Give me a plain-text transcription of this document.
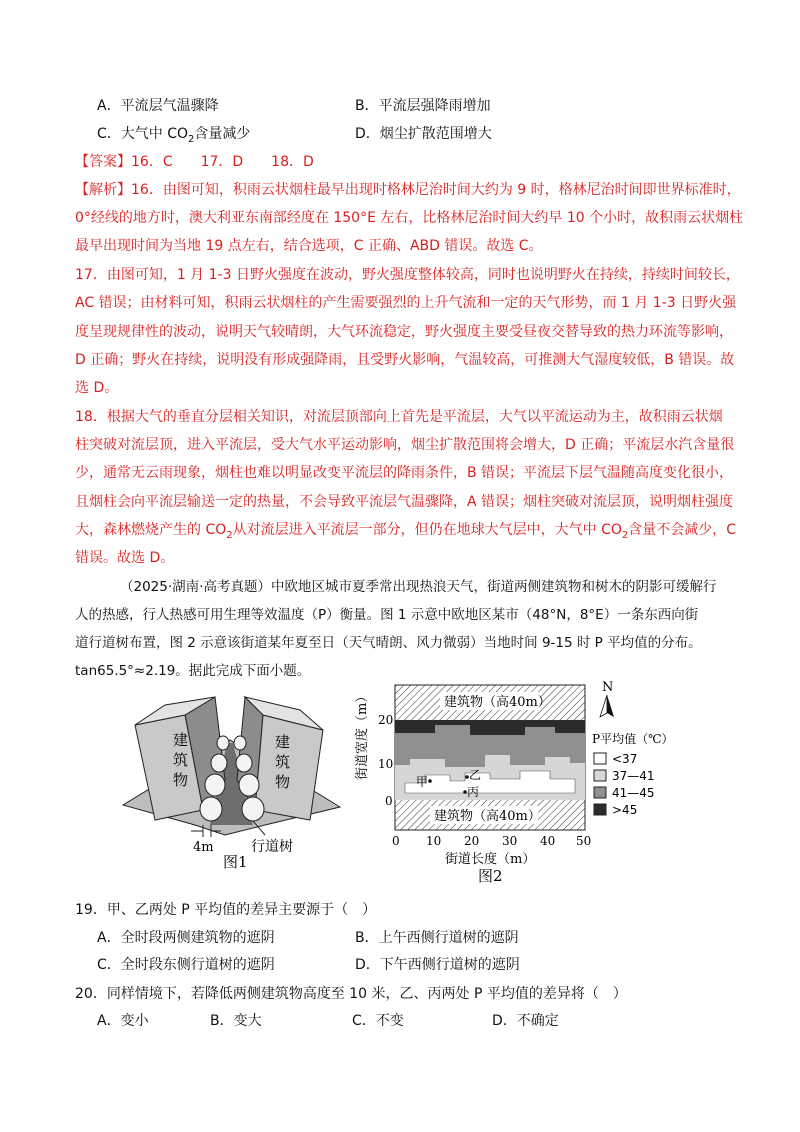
A．平流层气温骤降	B．平流层强降雨增加
C．大气中 $CO_2$含量减少	D．烟尘扩散范围增大
【答案】16．C　　17．D　　18．D
【解析】16．由图可知，积雨云状烟柱最早出现时格林尼治时间大约为 9 时，格林尼治时间即世界标准时，
0°经线的地方时，澳大利亚东南部经度在 150°E 左右，比格林尼治时间大约早 10 个小时，故积雨云状烟柱
最早出现时间为当地 19 点左右，结合选项，C 正确、ABD 错误。故选 C。
17．由图可知，1 月 1-3 日野火强度在波动，野火强度整体较高，同时也说明野火在持续，持续时间较长，
AC 错误；由材料可知，积雨云状烟柱的产生需要强烈的上升气流和一定的天气形势，而 1 月 1-3 日野火强
度呈现规律性的波动，说明天气较晴朗，大气环流稳定，野火强度主要受昼夜交替导致的热力环流等影响，
D 正确；野火在持续，说明没有形成强降雨，且受野火影响，气温较高，可推测大气湿度较低，B 错误。故
选 D。
18．根据大气的垂直分层相关知识，对流层顶部向上首先是平流层，大气以平流运动为主，故积雨云状烟
柱突破对流层顶，进入平流层，受大气水平运动影响，烟尘扩散范围将会增大，D 正确；平流层水汽含量很
少，通常无云雨现象，烟柱也难以明显改变平流层的降雨条件，B 错误；平流层下层气温随高度变化很小，
且烟柱会向平流层输送一定的热量，不会导致平流层气温骤降，A 错误；烟柱突破对流层顶，说明烟柱强度
大，森林燃烧产生的 $CO_2$从对流层进入平流层一部分，但仍在地球大气层中，大气中 $CO_2$含量不会减少，C
错误。故选 D。
（2025·湖南·高考真题）中欧地区城市夏季常出现热浪天气，街道两侧建筑物和树木的阴影可缓解行
人的热感，行人热感可用生理等效温度（P）衡量。图 1 示意中欧地区某市（48°N，8°E）一条东西向街
道行道树布置，图 2 示意该街道某年夏至日（天气晴朗、风力微弱）当地时间 9-15 时 P 平均值的分布。
tan65.5°≈2.19。据此完成下面小题。
建
筑
物
建
筑
物
4m	行道树
图1
建筑物（高40m）
建筑物（高40m）
甲	乙
丙
街道宽度（m） 20
10
0
0 10 20 30 40 50
街道长度（m）
图2
N
P平均值（℃）
<37
37—41
41—45
>45
19．甲、乙两处 P 平均值的差异主要源于（　）
A．全时段两侧建筑物的遮阴	B．上午西侧行道树的遮阴
C．全时段东侧行道树的遮阴	D．下午西侧行道树的遮阴
20．同样情境下，若降低两侧建筑物高度至 10 米，乙、丙两处 P 平均值的差异将（　）
A．变小	B．变大	C．不变	D．不确定
